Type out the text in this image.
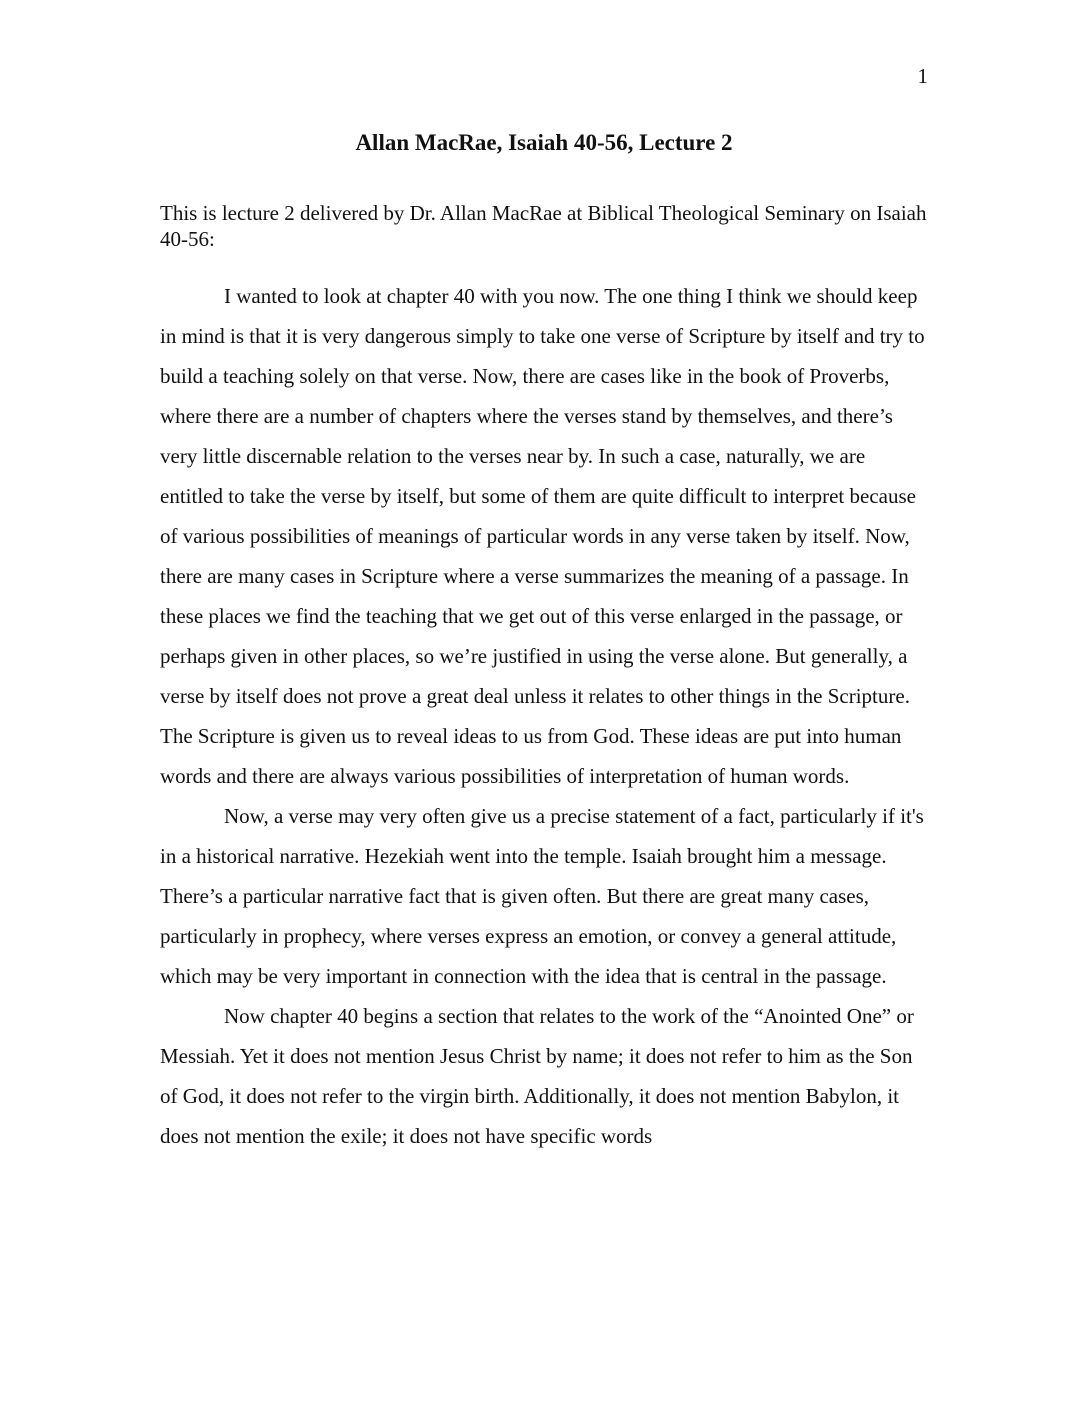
1
Allan MacRae, Isaiah 40-56, Lecture 2

This is lecture 2 delivered by Dr. Allan MacRae at Biblical Theological Seminary on Isaiah 40-56:

I wanted to look at chapter 40 with you now. The one thing I think we should keep in mind is that it is very dangerous simply to take one verse of Scripture by itself and try to build a teaching solely on that verse. Now, there are cases like in the book of Proverbs, where there are a number of chapters where the verses stand by themselves, and there’s very little discernable relation to the verses near by. In such a case, naturally, we are entitled to take the verse by itself, but some of them are quite difficult to interpret because of various possibilities of meanings of particular words in any verse taken by itself. Now, there are many cases in Scripture where a verse summarizes the meaning of a passage. In these places we find the teaching that we get out of this verse enlarged in the passage, or perhaps given in other places, so we’re justified in using the verse alone. But generally, a verse by itself does not prove a great deal unless it relates to other things in the Scripture. The Scripture is given us to reveal ideas to us from God. These ideas are put into human words and there are always various possibilities of interpretation of human words.

Now, a verse may very often give us a precise statement of a fact, particularly if it's in a historical narrative. Hezekiah went into the temple. Isaiah brought him a message. There’s a particular narrative fact that is given often. But there are great many cases, particularly in prophecy, where verses express an emotion, or convey a general attitude, which may be very important in connection with the idea that is central in the passage.

Now chapter 40 begins a section that relates to the work of the “Anointed One” or Messiah. Yet it does not mention Jesus Christ by name; it does not refer to him as the Son of God, it does not refer to the virgin birth. Additionally, it does not mention Babylon, it does not mention the exile; it does not have specific words
